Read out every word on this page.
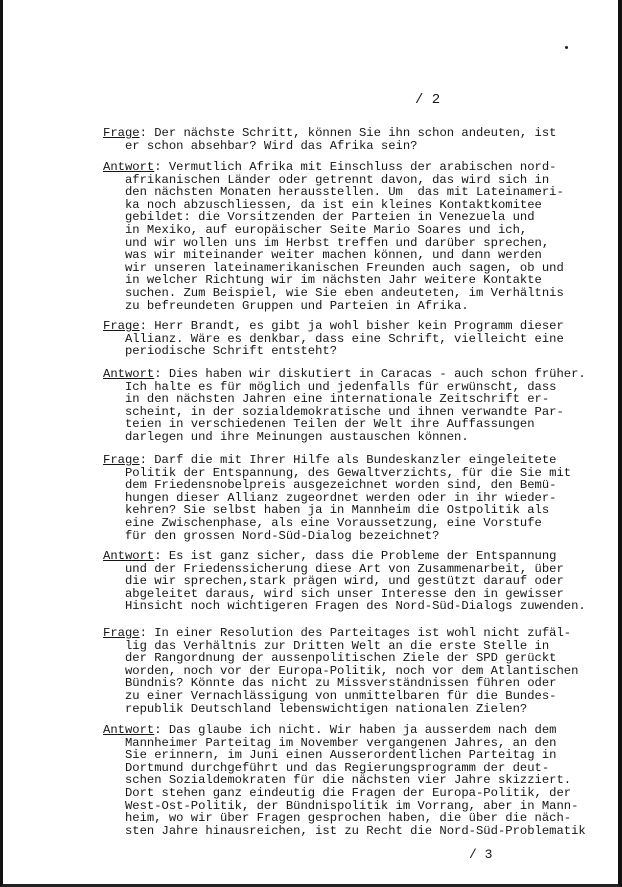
/ 2
Frage: Der nächste Schritt, können Sie ihn schon andeuten, ist
er schon absehbar? Wird das Afrika sein?
Antwort: Vermutlich Afrika mit Einschluss der arabischen nord-
afrikanischen Länder oder getrennt davon, das wird sich in
den nächsten Monaten herausstellen. Um  das mit Lateinameri-
ka noch abzuschliessen, da ist ein kleines Kontaktkomitee
gebildet: die Vorsitzenden der Parteien in Venezuela und
in Mexiko, auf europäischer Seite Mario Soares und ich,
und wir wollen uns im Herbst treffen und darüber sprechen,
was wir miteinander weiter machen können, und dann werden
wir unseren lateinamerikanischen Freunden auch sagen, ob und
in welcher Richtung wir im nächsten Jahr weitere Kontakte
suchen. Zum Beispiel, wie Sie eben andeuteten, im Verhältnis
zu befreundeten Gruppen und Parteien in Afrika.
Frage: Herr Brandt, es gibt ja wohl bisher kein Programm dieser
Allianz. Wäre es denkbar, dass eine Schrift, vielleicht eine
periodische Schrift entsteht?
Antwort: Dies haben wir diskutiert in Caracas - auch schon früher.
Ich halte es für möglich und jedenfalls für erwünscht, dass
in den nächsten Jahren eine internationale Zeitschrift er-
scheint, in der sozialdemokratische und ihnen verwandte Par-
teien in verschiedenen Teilen der Welt ihre Auffassungen
darlegen und ihre Meinungen austauschen können.
Frage: Darf die mit Ihrer Hilfe als Bundeskanzler eingeleitete
Politik der Entspannung, des Gewaltverzichts, für die Sie mit
dem Friedensnobelpreis ausgezeichnet worden sind, den Bemü-
hungen dieser Allianz zugeordnet werden oder in ihr wieder-
kehren? Sie selbst haben ja in Mannheim die Ostpolitik als
eine Zwischenphase, als eine Voraussetzung, eine Vorstufe
für den grossen Nord-Süd-Dialog bezeichnet?
Antwort: Es ist ganz sicher, dass die Probleme der Entspannung
und der Friedenssicherung diese Art von Zusammenarbeit, über
die wir sprechen,stark prägen wird, und gestützt darauf oder
abgeleitet daraus, wird sich unser Interesse den in gewisser
Hinsicht noch wichtigeren Fragen des Nord-Süd-Dialogs zuwenden.
Frage: In einer Resolution des Parteitages ist wohl nicht zufäl-
lig das Verhältnis zur Dritten Welt an die erste Stelle in
der Rangordnung der aussenpolitischen Ziele der SPD gerückt
worden, noch vor der Europa-Politik, noch vor dem Atlantischen
Bündnis? Könnte das nicht zu Missverständnissen führen oder
zu einer Vernachlässigung von unmittelbaren für die Bundes-
republik Deutschland lebenswichtigen nationalen Zielen?
Antwort: Das glaube ich nicht. Wir haben ja ausserdem nach dem
Mannheimer Parteitag im November vergangenen Jahres, an den
Sie erinnern, im Juni einen Ausserordentlichen Parteitag in
Dortmund durchgeführt und das Regierungsprogramm der deut-
schen Sozialdemokraten für die nächsten vier Jahre skizziert.
Dort stehen ganz eindeutig die Fragen der Europa-Politik, der
West-Ost-Politik, der Bündnispolitik im Vorrang, aber in Mann-
heim, wo wir über Fragen gesprochen haben, die über die näch-
sten Jahre hinausreichen, ist zu Recht die Nord-Süd-Problematik
/ 3
